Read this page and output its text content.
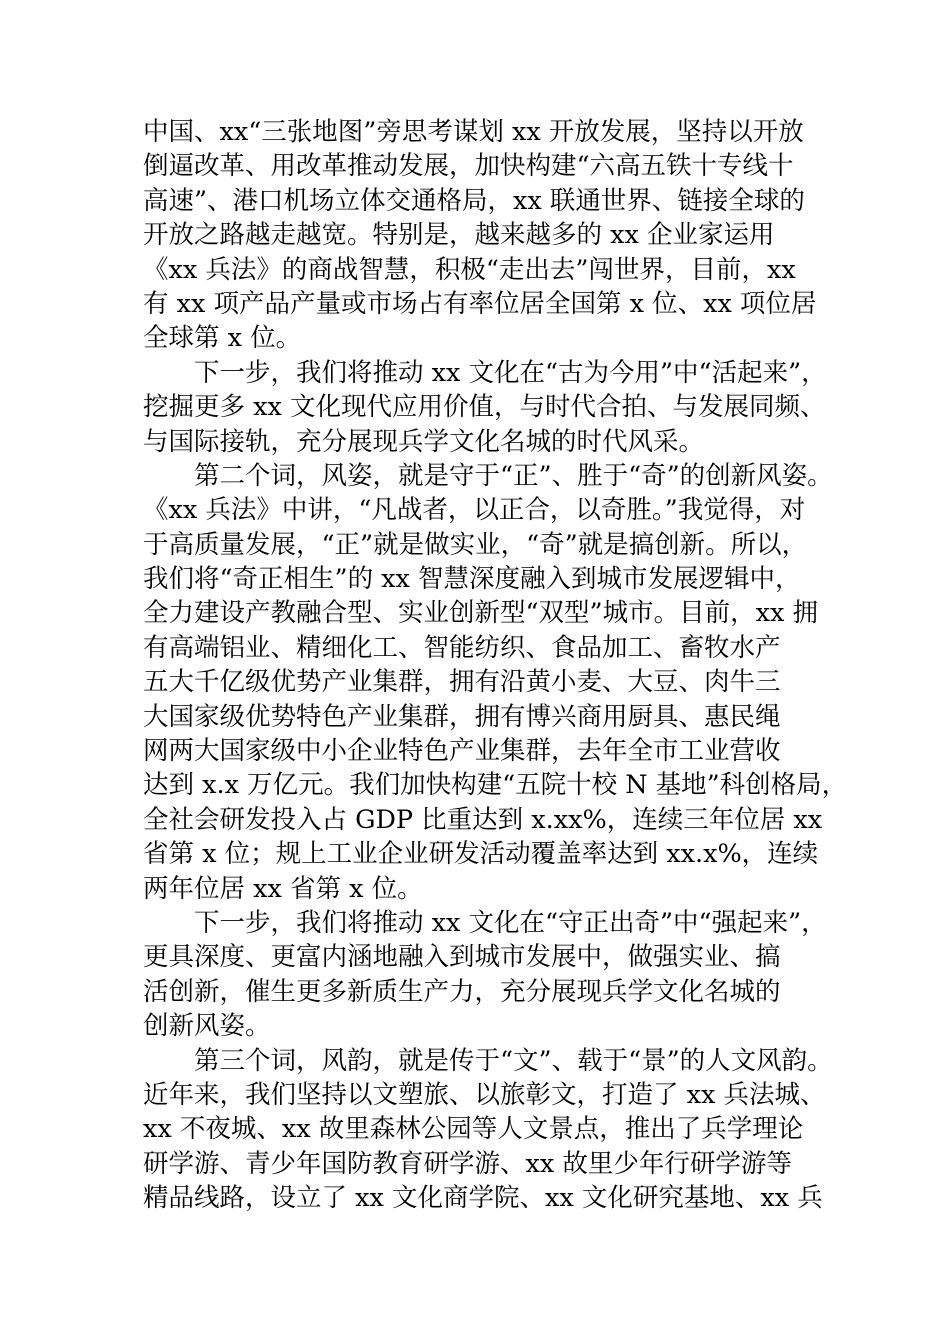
中国、xx“三张地图”旁思考谋划 xx 开放发展，坚持以开放
倒逼改革、用改革推动发展，加快构建“六高五铁十专线十
高速”、港口机场立体交通格局，xx 联通世界、链接全球的
开放之路越走越宽。特别是，越来越多的 xx 企业家运用
《xx 兵法》的商战智慧，积极“走出去”闯世界，目前，xx
有 xx 项产品产量或市场占有率位居全国第 x 位、xx 项位居
全球第 x 位。

下一步，我们将推动 xx 文化在“古为今用”中“活起来”，
挖掘更多 xx 文化现代应用价值，与时代合拍、与发展同频、
与国际接轨，充分展现兵学文化名城的时代风采。

第二个词，风姿，就是守于“正”、胜于“奇”的创新风姿。
《xx 兵法》中讲，“凡战者，以正合，以奇胜。”我觉得，对
于高质量发展，“正”就是做实业，“奇”就是搞创新。所以，
我们将“奇正相生”的 xx 智慧深度融入到城市发展逻辑中，
全力建设产教融合型、实业创新型“双型”城市。目前，xx 拥
有高端铝业、精细化工、智能纺织、食品加工、畜牧水产
五大千亿级优势产业集群，拥有沿黄小麦、大豆、肉牛三
大国家级优势特色产业集群，拥有博兴商用厨具、惠民绳
网两大国家级中小企业特色产业集群，去年全市工业营收
达到 x.x 万亿元。我们加快构建“五院十校 N 基地”科创格局，
全社会研发投入占 GDP 比重达到 x.xx%，连续三年位居 xx
省第 x 位；规上工业企业研发活动覆盖率达到 xx.x%，连续
两年位居 xx 省第 x 位。

下一步，我们将推动 xx 文化在“守正出奇”中“强起来”，
更具深度、更富内涵地融入到城市发展中，做强实业、搞
活创新，催生更多新质生产力，充分展现兵学文化名城的
创新风姿。

第三个词，风韵，就是传于“文”、载于“景”的人文风韵。
近年来，我们坚持以文塑旅、以旅彰文，打造了 xx 兵法城、
xx 不夜城、xx 故里森林公园等人文景点，推出了兵学理论
研学游、青少年国防教育研学游、xx 故里少年行研学游等
精品线路，设立了 xx 文化商学院、xx 文化研究基地、xx 兵
